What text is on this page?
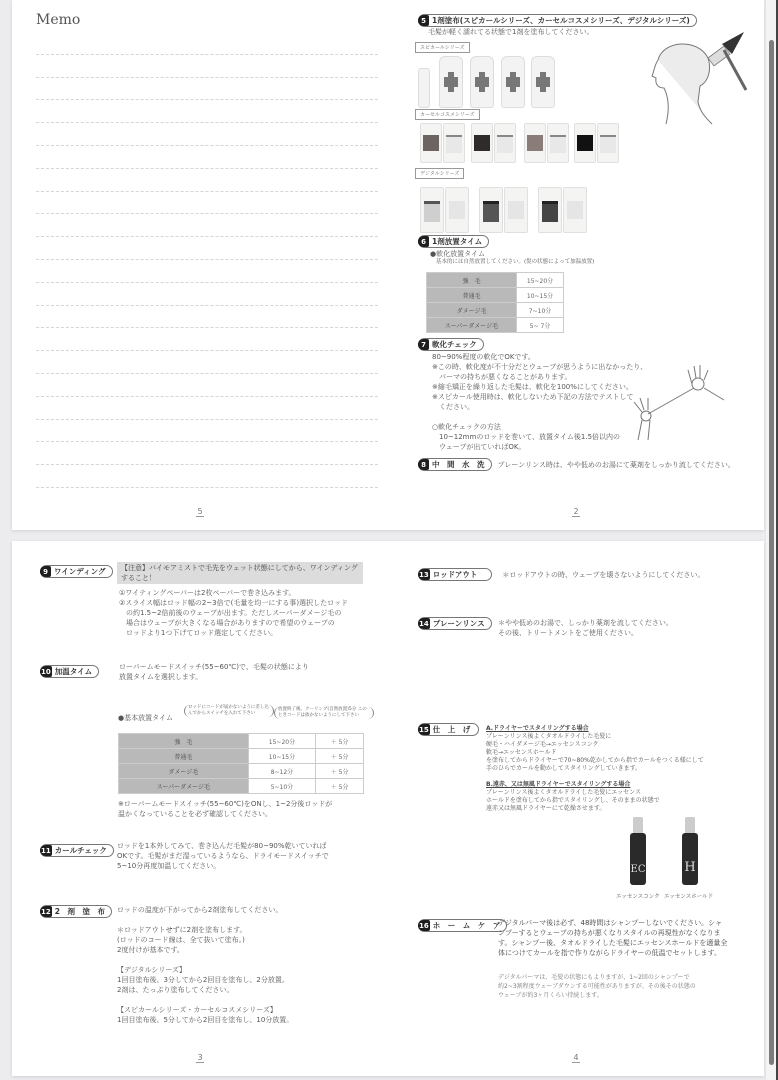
Memo
5
5 1剤塗布(スピカールシリーズ、カーセルコスメシリーズ、デジタルシリーズ)
毛髪が軽く濡れてる状態で1剤を塗布してください。
スピカールシリーズ
カーセルコスメシリーズ
デジタルシリーズ
6 1剤放置タイム
●軟化放置タイム
基本的には自然放置してください。(髪の状態によって加温放置)
強　毛	15~20分
普通毛	10~15分
ダメージ毛	7~10分
スーパーダメージ毛	5~ 7分
7 軟化チェック

80~90%程度の軟化でOKです。

※この時、軟化度が不十分だとウェーブが思うように出なかったり、

　パーマの持ちが悪くなることがあります。

※縮毛矯正を繰り返した毛髪は、軟化を100%にしてください。

※スピカール使用時は、軟化しないため下記の方法でテストして

　ください。

○軟化チェックの方法

　10~12mmのロッドを巻いて、放置タイム後1.5倍以内の

　ウェーブが出ていればOK。

8 中　間　水　洗 プレーンリンス時は、やや低めのお湯にて薬剤をしっかり流してください。
2
9 ワインディング	【注意】バイモアミストで毛先をウェット状態にしてから、ワインディングすること！

①ワイティングペーパーは2枚ペーパーで巻き込みます。

②スライス幅はロッド幅の2~3倍で(毛量を均一にする事)選択したロッド

　の約1.5~2倍前後のウェーブが出ます。ただしスーパーダメージ毛の

　場合はウェーブが大きくなる場合がありますので希望のウェーブの

　ロッドより1つ下げてロッド選定してください。

10 加温タイム	ローパームモードスイッチ(55~60℃)で、毛髪の状態により

放置タイムを選択します。

●基本放置タイム
ロッドにコードが届かないように差し込んでからスイッチを入れて下さい
放置終了後、クーリング(自然放置)5分 このときコードは抜かないようにして下さい
強　毛	15~20分	＋ 5分
普通毛	10~15分	＋ 5分
ダメージ毛	8~12分	＋ 5分
スーパーダメージ毛	5~10分	＋ 5分

※ローパームモードスイッチ(55~60℃)をONし、1~2分後ロッドが

温かくなっていることを必ず確認してください。

11 カールチェック ロッドを1本外してみて、巻き込んだ毛髪が80~90%乾いていれば

OKです。毛髪がまだ湿っているようなら、ドライモードスイッチで

5~10分再度加温してください。

12 2　剤　塗　布 ロッドの温度が下がってから2剤塗布してください。

＊ロッドアウトせずに2剤を塗布します。

(ロッドのコード線は、全て抜いて塗布。)

2度付けが基本です。

【デジタルシリーズ】

1回目塗布後、3分してから2回目を塗布し、2分放置。

2剤は、たっぷり塗布してください。

【スピカールシリーズ・カーセルコスメシリーズ】

1回目塗布後、5分してから2回目を塗布し、10分放置。

3
13 ロッドアウト	＊ロッドアウトの時、ウェーブを壊さないようにしてください。
14 プレーンリンス ＊やや低めのお湯で、しっかり薬剤を流してください。

その後、トリートメントをご使用ください。

15 仕　上　げ	A.ドライヤーでスタイリングする場合

プレーンリンス後よくタオルドライした毛髪に

硬毛・ハイダメージ毛→エッセンスコンク

軟毛→エッセンスホールド

を塗布してからドライヤーで70~80%乾かしてから指でカールをつくる様にして

手のひらでカールを動かしてスタイリングしていきます。

B.遠赤、又は無風ドライヤーでスタイリングする場合

プレーンリンス後よくタオルドライした毛髪にエッセンス

ホールドを塗布してから指でスタイリングし、そのままの状態で

遠赤又は無風ドライヤーにて乾燥させます。

EC	H
エッセンスコンク エッセンスホールド
16 ホ　ー　ム　ケ　ア

デジタルパーマ後は必ず、48時間はシャンプーしないでください。シャ

ンプーするとウェーブの持ちが悪くなりスタイルの再現性がなくなりま

す。シャンプー後、タオルドライした毛髪にエッセンスホールドを適量全

体につけてカールを指で作りながらドライヤーの低温でセットします。

デジタルパーマは、毛髪の状態にもよりますが、1~2回のシャンプーで

約2~3割程度ウェーブダウンする可能性がありますが、その後その状態の

ウェーブが約3ヶ月くらい持続します。

4
